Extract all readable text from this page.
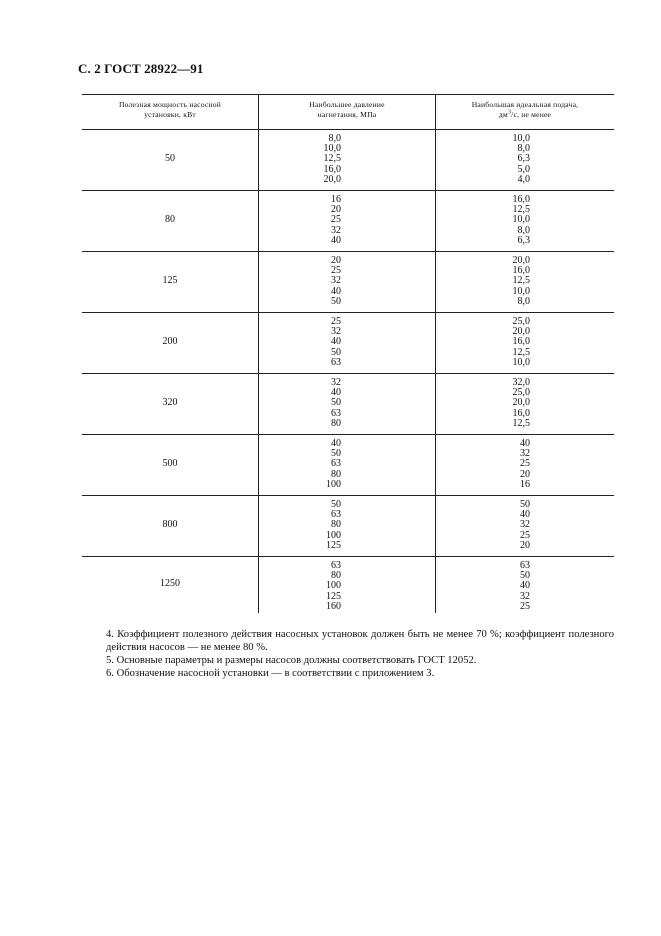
С. 2 ГОСТ 28922—91
Полезная мощность насосной
установки, кВт
Наибольшее давление
нагнетания, МПа
Наибольшая идеальная подача,
$дм^3/с$, не менее
50
8,0
10,0
12,5
16,0
20,0
10,0
8,0
6,3
5,0
4,0
80
16
20
25
32
40
16,0
12,5
10,0
8,0
6,3
125
20
25
32
40
50
20,0
16,0
12,5
10,0
8,0
200
25
32
40
50
63
25,0
20,0
16,0
12,5
10,0
320
32
40
50
63
80
32,0
25,0
20,0
16,0
12,5
500
40
50
63
80
100
40
32
25
20
16
800
50
63
80
100
125
50
40
32
25
20
1250
63
80
100
125
160
63
50
40
32
25
4. Коэффициент полезного действия насосных установок должен быть не менее 70 %; коэффициент полезного действия насосов — не менее 80 %.
5. Основные параметры и размеры насосов должны соответствовать ГОСТ 12052.
6. Обозначение насосной установки — в соответствии с приложением 3.
